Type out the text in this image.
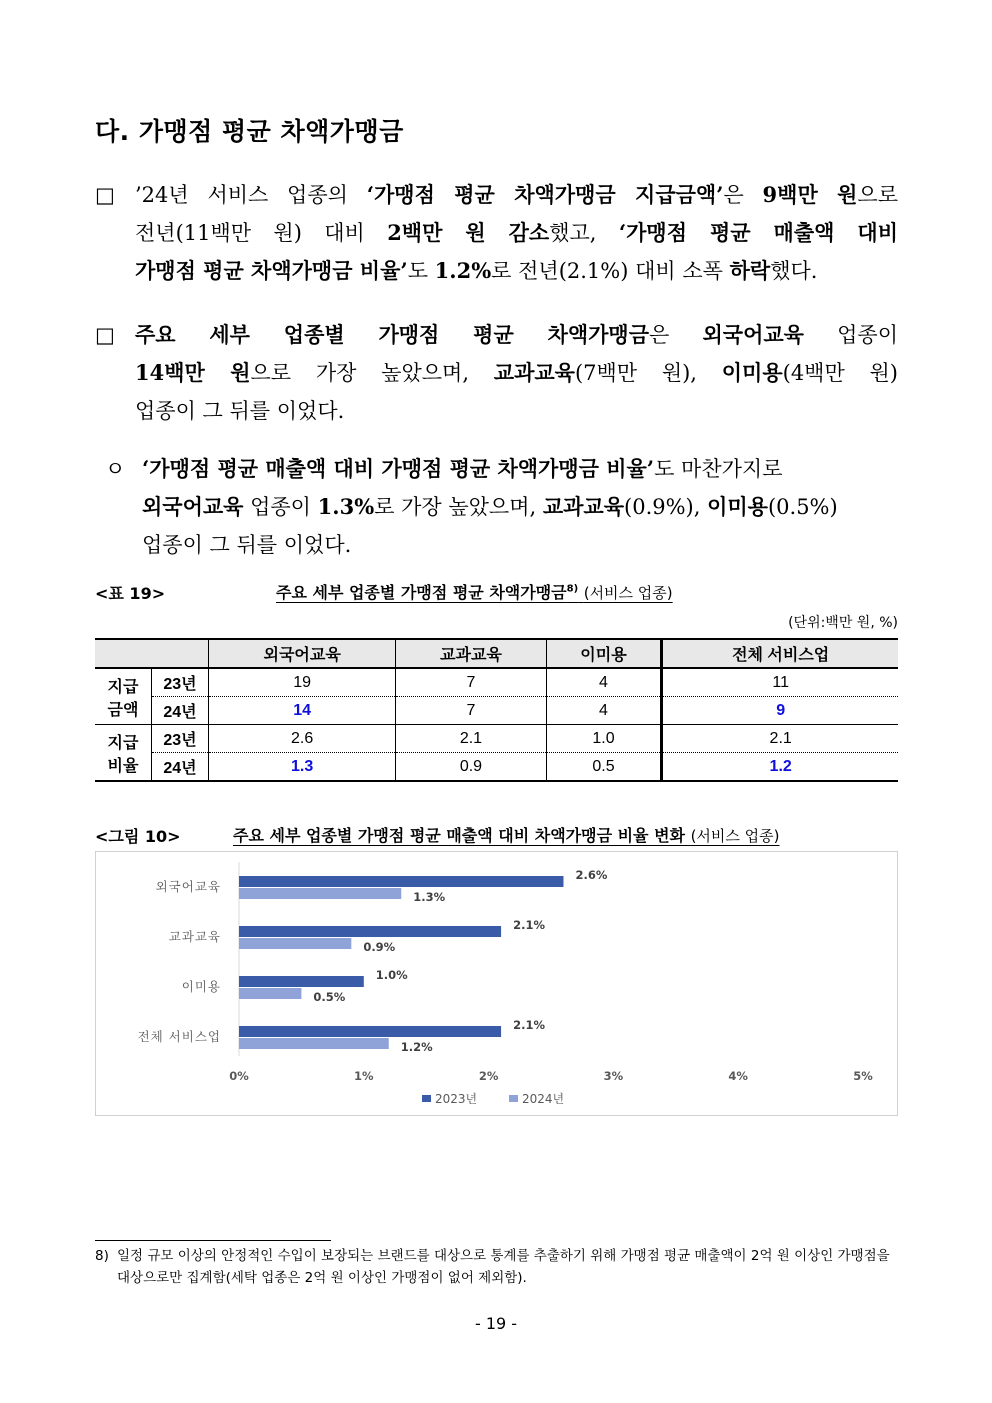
다. 가맹점 평균 차액가맹금
□ ’24년 서비스 업종의 ‘가맹점 평균 차액가맹금 지급금액’은 9백만 원으로
전년(11백만 원) 대비 2백만 원 감소했고, ‘가맹점 평균 매출액 대비
가맹점 평균 차액가맹금 비율’도 1.2%로 전년(2.1%) 대비 소폭 하락했다.
□ 주요 세부 업종별 가맹점 평균 차액가맹금은 외국어교육 업종이
14백만 원으로 가장 높았으며, 교과교육(7백만 원), 이미용(4백만 원)
업종이 그 뒤를 이었다.
ㅇ ‘가맹점 평균 매출액 대비 가맹점 평균 차액가맹금 비율’도 마찬가지로
외국어교육 업종이 1.3%로 가장 높았으며, 교과교육(0.9%), 이미용(0.5%)
업종이 그 뒤를 이었다.
<표 19>	주요 세부 업종별 가맹점 평균 차액가맹금$^{8)}$ (서비스 업종)
(단위:백만 원, %)
		외국어교육	교과교육	이미용	전체 서비스업

지급
금액	23년	19	7	4	11
	24년	14	7	4	9

지급
비율	23년	2.6	2.1	1.0	2.1
	24년	1.3	0.9	0.5	1.2
<그림 10>	주요 세부 업종별 가맹점 평균 매출액 대비 차액가맹금 비율 변화 (서비스 업종)
외국어교육
2.6%
1.3%
교과교육
2.1%
0.9%
이미용
1.0%
0.5%
전체 서비스업
2.1%
1.2%
0%	1%	2%	3%	4%	5%
2023년	2024년
8) 일정 규모 이상의 안정적인 수입이 보장되는 브랜드를 대상으로 통계를 추출하기 위해 가맹점 평균 매출액이 2억 원 이상인 가맹점을 대상으로만 집계함(세탁 업종은 2억 원 이상인 가맹점이 없어 제외함).
- 19 -
